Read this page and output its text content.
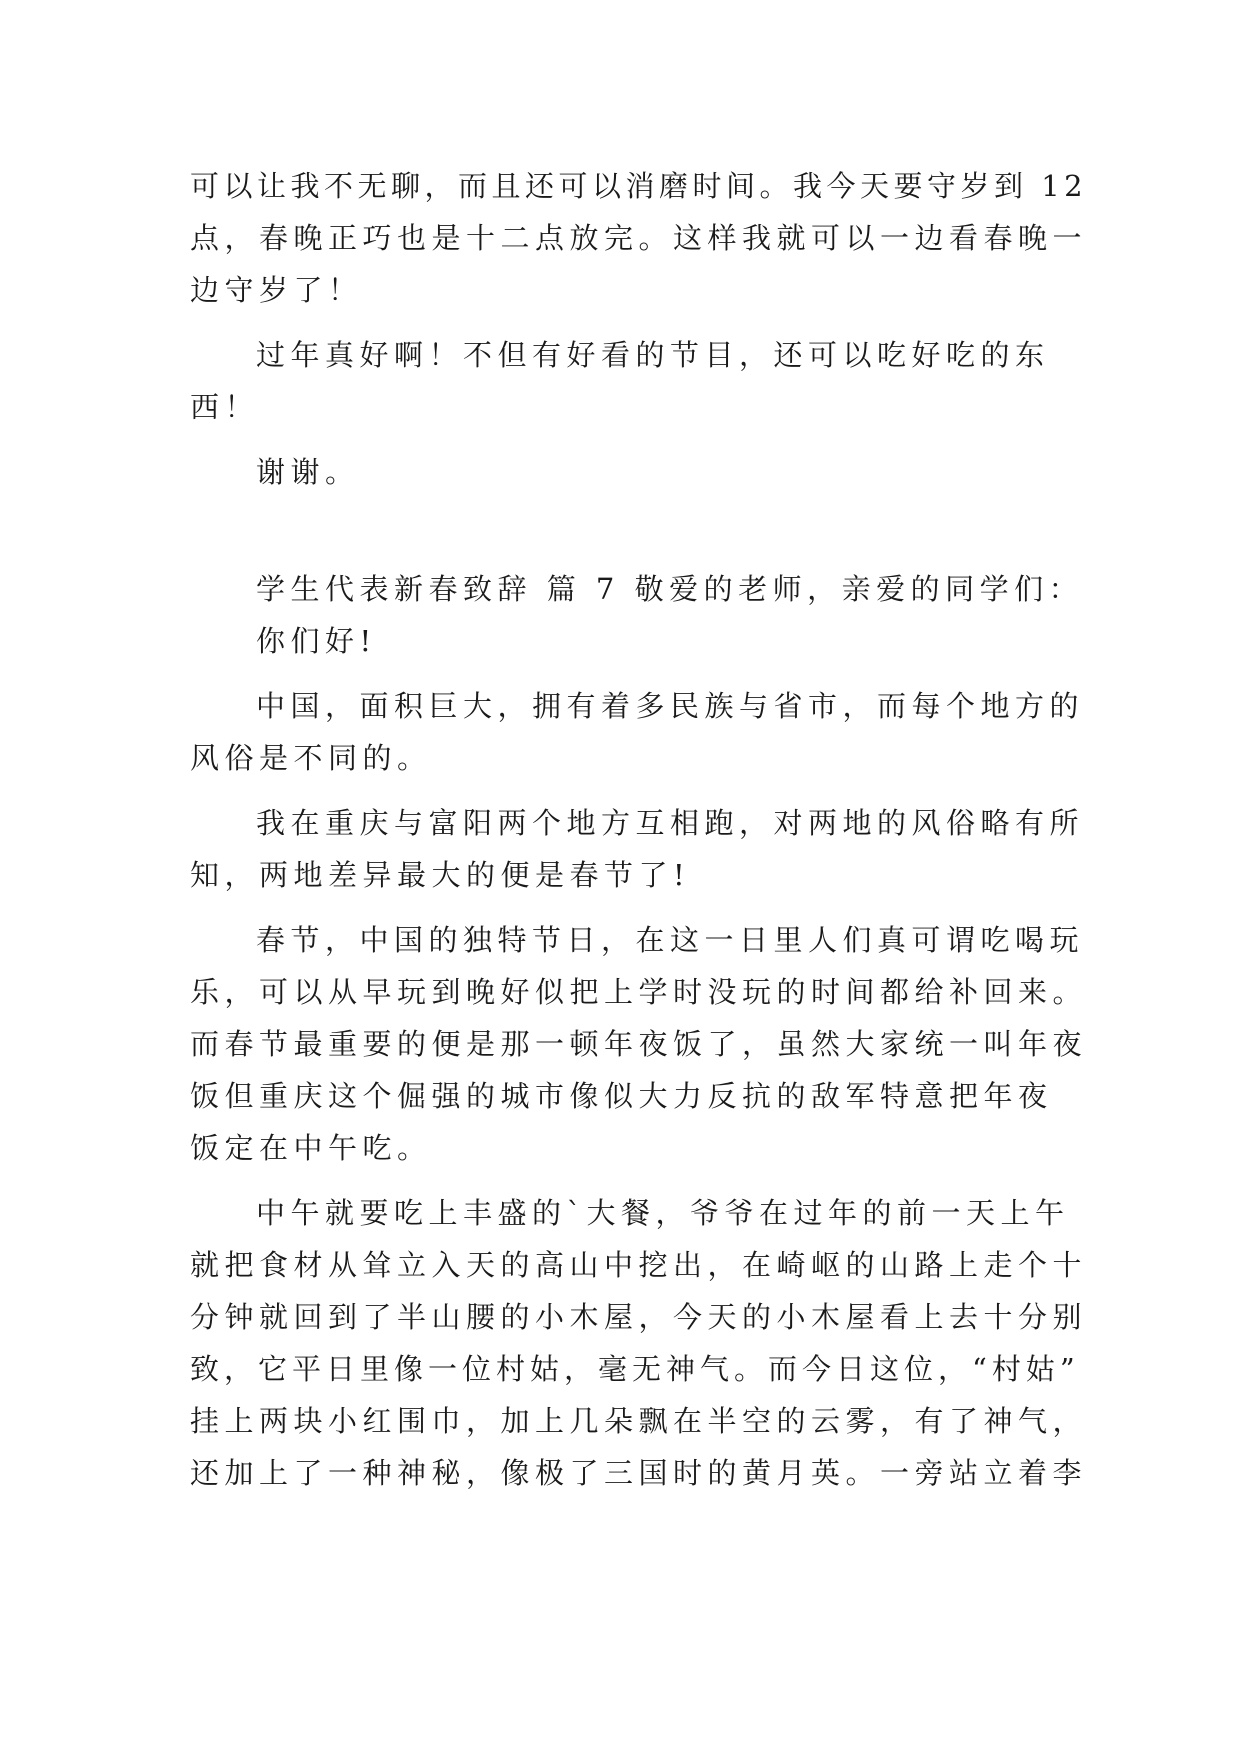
可以让我不无聊，而且还可以消磨时间。我今天要守岁到 12
点，春晚正巧也是十二点放完。这样我就可以一边看春晚一
边守岁了！
过年真好啊！不但有好看的节目，还可以吃好吃的东
西！
谢谢。
学生代表新春致辞 篇 7 敬爱的老师，亲爱的同学们：
你们好!
中国，面积巨大，拥有着多民族与省市，而每个地方的
风俗是不同的。
我在重庆与富阳两个地方互相跑，对两地的风俗略有所
知，两地差异最大的便是春节了!
春节，中国的独特节日，在这一日里人们真可谓吃喝玩
乐，可以从早玩到晚好似把上学时没玩的时间都给补回来。
而春节最重要的便是那一顿年夜饭了，虽然大家统一叫年夜
饭但重庆这个倔强的城市像似大力反抗的敌军特意把年夜
饭定在中午吃。
中午就要吃上丰盛的`大餐，爷爷在过年的前一天上午
就把食材从耸立入天的高山中挖出，在崎岖的山路上走个十
分钟就回到了半山腰的小木屋，今天的小木屋看上去十分别
致，它平日里像一位村姑，毫无神气。而今日这位，“村姑”
挂上两块小红围巾，加上几朵飘在半空的云雾，有了神气，
还加上了一种神秘，像极了三国时的黄月英。一旁站立着李
